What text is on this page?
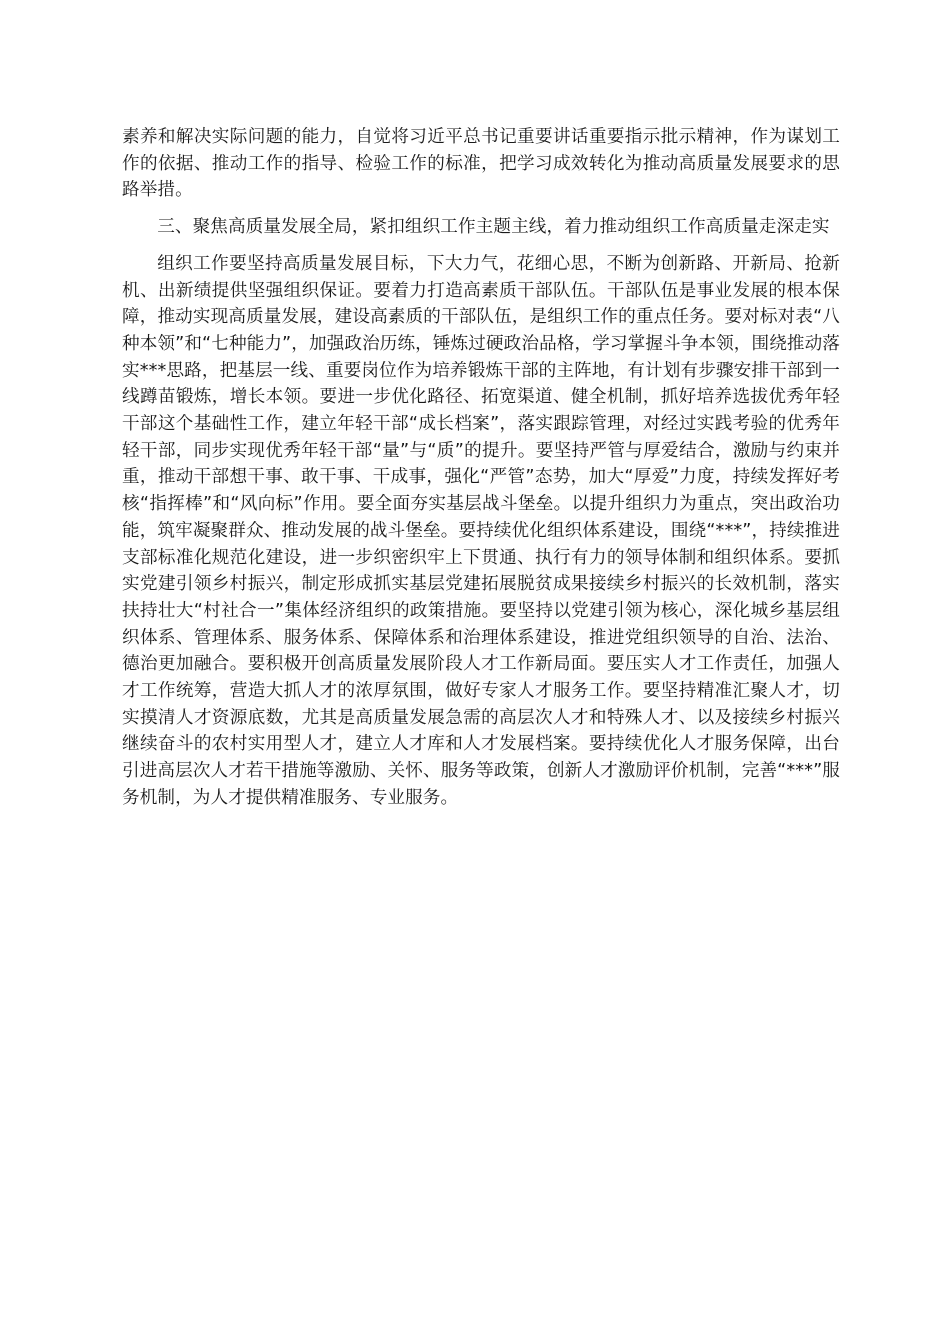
素养和解决实际问题的能力，自觉将习近平总书记重要讲话重要指示批示精神，作为谋划工作的依据、推动工作的指导、检验工作的标准，把学习成效转化为推动高质量发展要求的思路举措。

三、聚焦高质量发展全局，紧扣组织工作主题主线，着力推动组织工作高质量走深走实

组织工作要坚持高质量发展目标，下大力气，花细心思，不断为创新路、开新局、抢新机、出新绩提供坚强组织保证。要着力打造高素质干部队伍。干部队伍是事业发展的根本保障，推动实现高质量发展，建设高素质的干部队伍，是组织工作的重点任务。要对标对表“八种本领”和“七种能力”，加强政治历练，锤炼过硬政治品格，学习掌握斗争本领，围绕推动落实***思路，把基层一线、重要岗位作为培养锻炼干部的主阵地，有计划有步骤安排干部到一线蹲苗锻炼，增长本领。要进一步优化路径、拓宽渠道、健全机制，抓好培养选拔优秀年轻干部这个基础性工作，建立年轻干部“成长档案”，落实跟踪管理，对经过实践考验的优秀年轻干部，同步实现优秀年轻干部“量”与“质”的提升。要坚持严管与厚爱结合，激励与约束并重，推动干部想干事、敢干事、干成事，强化“严管”态势，加大“厚爱”力度，持续发挥好考核“指挥棒”和“风向标”作用。要全面夯实基层战斗堡垒。以提升组织力为重点，突出政治功能，筑牢凝聚群众、推动发展的战斗堡垒。要持续优化组织体系建设，围绕“***”，持续推进支部标准化规范化建设，进一步织密织牢上下贯通、执行有力的领导体制和组织体系。要抓实党建引领乡村振兴，制定形成抓实基层党建拓展脱贫成果接续乡村振兴的长效机制，落实扶持壮大“村社合一”集体经济组织的政策措施。要坚持以党建引领为核心，深化城乡基层组织体系、管理体系、服务体系、保障体系和治理体系建设，推进党组织领导的自治、法治、德治更加融合。要积极开创高质量发展阶段人才工作新局面。要压实人才工作责任，加强人才工作统筹，营造大抓人才的浓厚氛围，做好专家人才服务工作。要坚持精准汇聚人才，切实摸清人才资源底数，尤其是高质量发展急需的高层次人才和特殊人才、以及接续乡村振兴继续奋斗的农村实用型人才，建立人才库和人才发展档案。要持续优化人才服务保障，出台引进高层次人才若干措施等激励、关怀、服务等政策，创新人才激励评价机制，完善“***”服务机制，为人才提供精准服务、专业服务。
